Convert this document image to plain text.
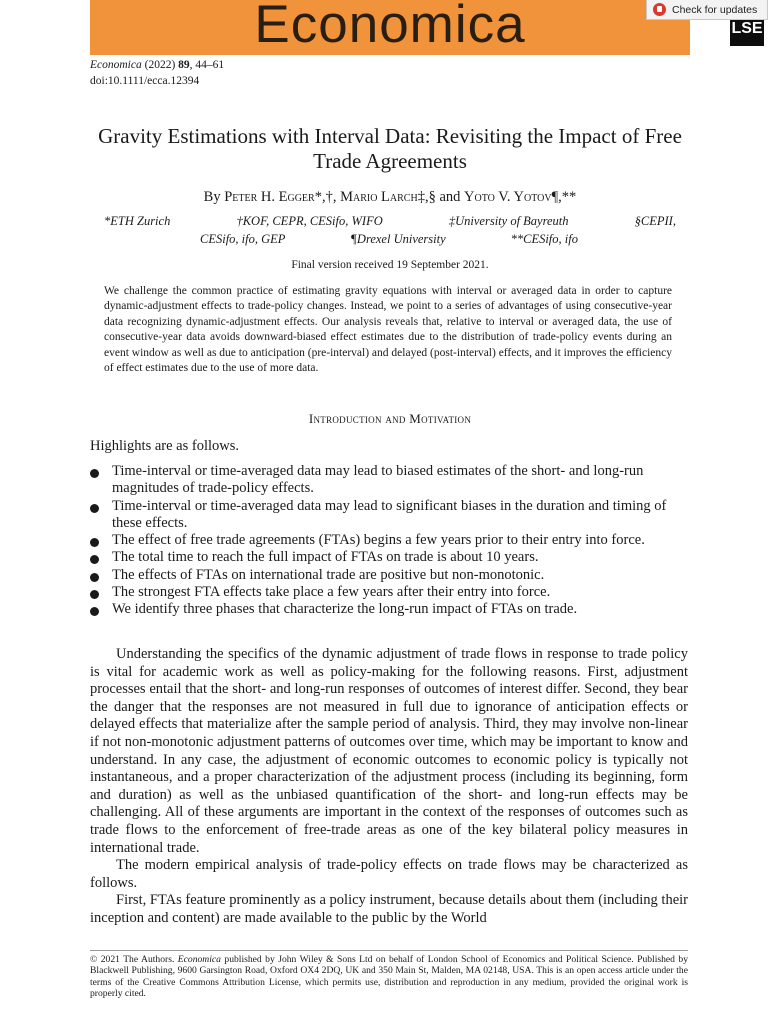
Economica	LSE
Check for updates
Economica (2022) 89, 44–61
doi:10.1111/ecca.12394
Gravity Estimations with Interval Data: Revisiting the Impact of Free Trade Agreements
By Peter H. Egger*,†, Mario Larch‡,§ and Yoto V. Yotov¶,**
*ETH Zurich	†KOF, CEPR, CESifo, WIFO	‡University of Bayreuth	§CEPII,
CESifo, ifo, GEP	¶Drexel University	**CESifo, ifo
Final version received 19 September 2021.

We challenge the common practice of estimating gravity equations with interval or averaged data in order to capture dynamic-adjustment effects to trade-policy changes. Instead, we point to a series of advantages of using consecutive-year data recognizing dynamic-adjustment effects. Our analysis reveals that, relative to interval or averaged data, the use of consecutive-year data avoids downward-biased effect estimates due to the distribution of trade-policy events during an event window as well as due to anticipation (pre-interval) and delayed (post-interval) effects, and it improves the efficiency of effect estimates due to the use of more data.

Introduction and Motivation

Highlights are as follows.

Time-interval or time-averaged data may lead to biased estimates of the short- and long-run magnitudes of trade-policy effects.
Time-interval or time-averaged data may lead to significant biases in the duration and timing of these effects.
The effect of free trade agreements (FTAs) begins a few years prior to their entry into force.
The total time to reach the full impact of FTAs on trade is about 10 years.
The effects of FTAs on international trade are positive but non-monotonic.
The strongest FTA effects take place a few years after their entry into force.
We identify three phases that characterize the long-run impact of FTAs on trade.

Understanding the specifics of the dynamic adjustment of trade flows in response to trade policy is vital for academic work as well as policy-making for the following reasons. First, adjustment processes entail that the short- and long-run responses of outcomes of interest differ. Second, they bear the danger that the responses are not measured in full due to ignorance of anticipation effects or delayed effects that materialize after the sample period of analysis. Third, they may involve non-linear if not non-monotonic adjustment patterns of outcomes over time, which may be important to know and understand. In any case, the adjustment of economic outcomes to economic policy is typically not instantaneous, and a proper characterization of the adjustment process (including its beginning, form and duration) as well as the unbiased quantification of the short- and long-run effects may be challenging. All of these arguments are important in the context of the responses of outcomes such as trade flows to the enforcement of free-trade areas as one of the key bilateral policy measures in international trade.

The modern empirical analysis of trade-policy effects on trade flows may be characterized as follows.

First, FTAs feature prominently as a policy instrument, because details about them (including their inception and content) are made available to the public by the World

© 2021 The Authors. Economica published by John Wiley & Sons Ltd on behalf of London School of Economics and Political Science. Published by Blackwell Publishing, 9600 Garsington Road, Oxford OX4 2DQ, UK and 350 Main St, Malden, MA 02148, USA. This is an open access article under the terms of the Creative Commons Attribution License, which permits use, distribution and reproduction in any medium, provided the original work is properly cited.
